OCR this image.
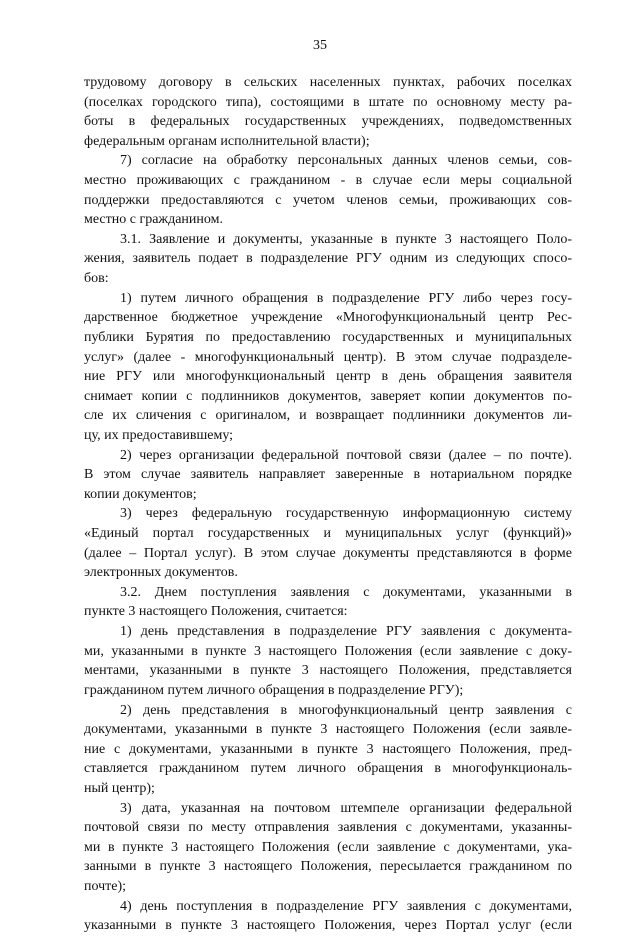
35
трудовому договору в сельских населенных пунктах, рабочих поселках
(поселках городского типа), состоящими в штате по основному месту ра-
боты в федеральных государственных учреждениях, подведомственных
федеральным органам исполнительной власти);
7) согласие на обработку персональных данных членов семьи, сов-
местно проживающих с гражданином - в случае если меры социальной
поддержки предоставляются с учетом членов семьи, проживающих сов-
местно с гражданином.
3.1. Заявление и документы, указанные в пункте 3 настоящего Поло-
жения, заявитель подает в подразделение РГУ одним из следующих спосо-
бов:
1) путем личного обращения в подразделение РГУ либо через госу-
дарственное бюджетное учреждение «Многофункциональный центр Рес-
публики Бурятия по предоставлению государственных и муниципальных
услуг» (далее - многофункциональный центр). В этом случае подразделе-
ние РГУ или многофункциональный центр в день обращения заявителя
снимает копии с подлинников документов, заверяет копии документов по-
сле их сличения с оригиналом, и возвращает подлинники документов ли-
цу, их предоставившему;
2) через организации федеральной почтовой связи (далее – по почте).
В этом случае заявитель направляет заверенные в нотариальном порядке
копии документов;
3) через федеральную государственную информационную систему
«Единый портал государственных и муниципальных услуг (функций)»
(далее – Портал услуг). В этом случае документы представляются в форме
электронных документов.
3.2. Днем поступления заявления с документами, указанными в
пункте 3 настоящего Положения, считается:
1) день представления в подразделение РГУ заявления с документа-
ми, указанными в пункте 3 настоящего Положения (если заявление с доку-
ментами, указанными в пункте 3 настоящего Положения, представляется
гражданином путем личного обращения в подразделение РГУ);
2) день представления в многофункциональный центр заявления с
документами, указанными в пункте 3 настоящего Положения (если заявле-
ние с документами, указанными в пункте 3 настоящего Положения, пред-
ставляется гражданином путем личного обращения в многофункциональ-
ный центр);
3) дата, указанная на почтовом штемпеле организации федеральной
почтовой связи по месту отправления заявления с документами, указанны-
ми в пункте 3 настоящего Положения (если заявление с документами, ука-
занными в пункте 3 настоящего Положения, пересылается гражданином по
почте);
4) день поступления в подразделение РГУ заявления с документами,
указанными в пункте 3 настоящего Положения, через Портал услуг (если
